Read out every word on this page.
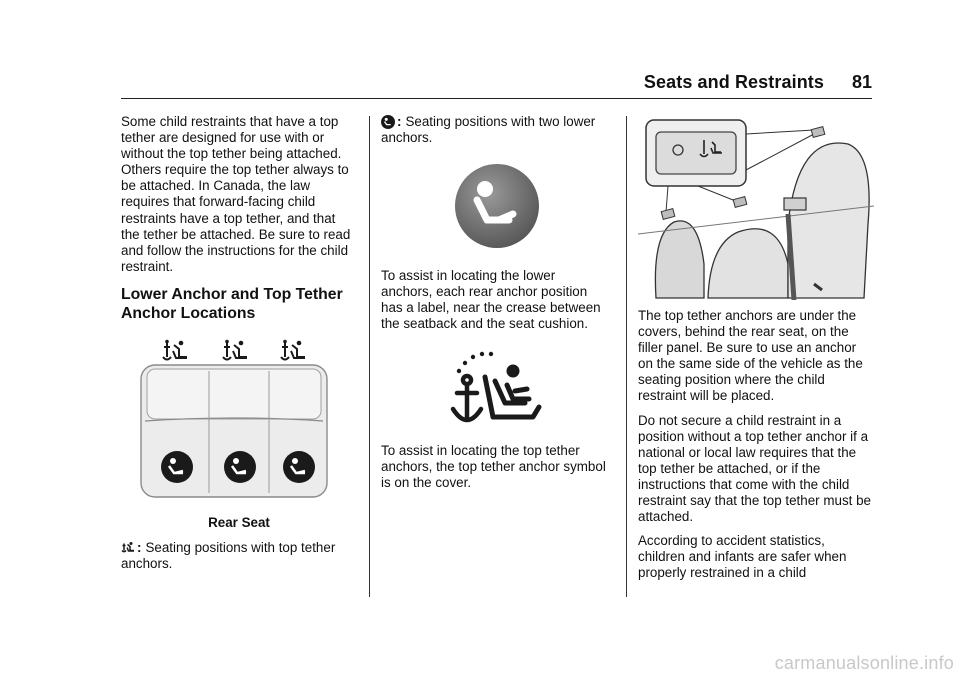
Seats and Restraints 81

Some child restraints that have a top tether are designed for use with or without the top tether being attached. Others require the top tether always to be attached. In Canada, the law requires that forward-facing child restraints have a top tether, and that the tether be attached. Be sure to read and follow the instructions for the child restraint.

Lower Anchor and Top Tether Anchor Locations
Rear Seat

: Seating positions with top tether anchors.

: Seating positions with two lower anchors.

To assist in locating the lower anchors, each rear anchor position has a label, near the crease between the seatback and the seat cushion.

To assist in locating the top tether anchors, the top tether anchor symbol is on the cover.

The top tether anchors are under the covers, behind the rear seat, on the filler panel. Be sure to use an anchor on the same side of the vehicle as the seating position where the child restraint will be placed.

Do not secure a child restraint in a position without a top tether anchor if a national or local law requires that the top tether be attached, or if the instructions that come with the child restraint say that the top tether must be attached.

According to accident statistics, children and infants are safer when properly restrained in a child

carmanualsonline.info
